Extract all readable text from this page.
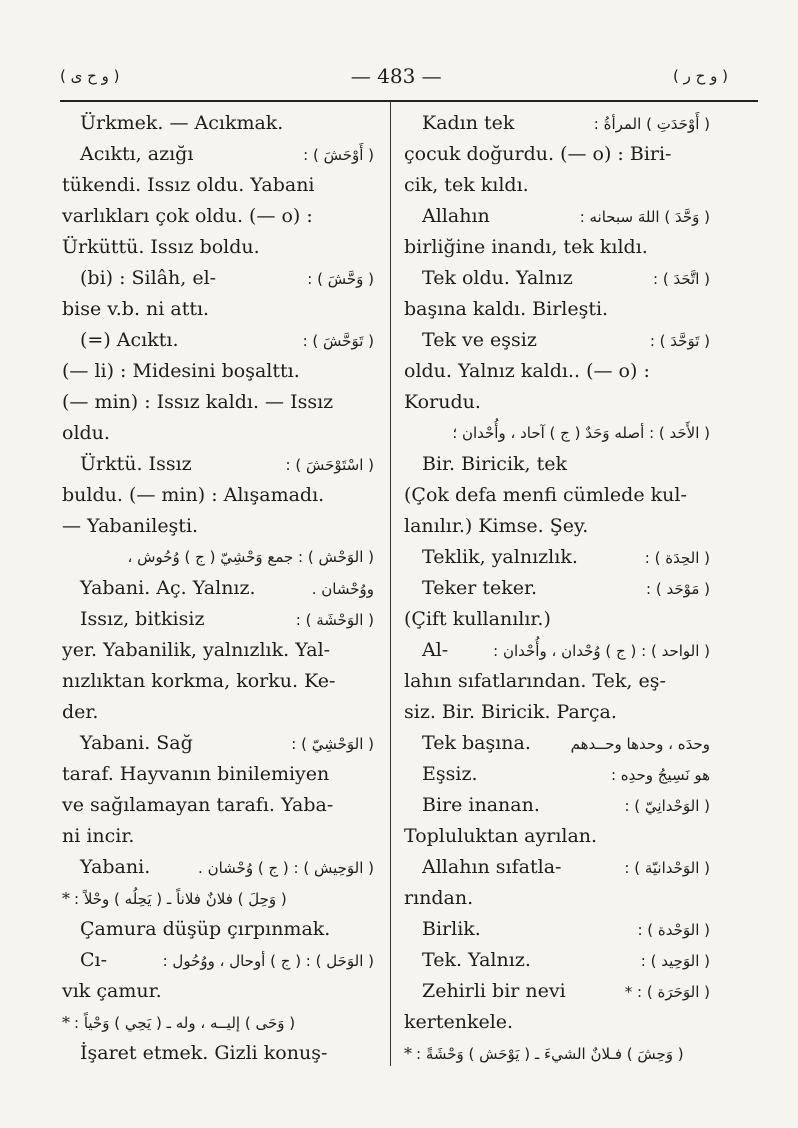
( و ح ى )	— 483 —	( و ح ر )
Ürkmek. — Acıkmak.
Acıktı, azığı	( أَوْحَشَ ) :
tükendi. Issız oldu. Yabani
varlıkları çok oldu. (— o) :
Ürküttü. Issız boldu.
(bi) : Silâh, el-	( وَحَّشَ ) :
bise v.b. ni attı.
(=) Acıktı.	( تَوَحَّشَ ) :
(— li) : Midesini boşalttı.
(— min) : Issız kaldı. — Issız
oldu.
Ürktü. Issız	( اسْتَوْحَشَ ) :
buldu. (— min) : Alışamadı.
— Yabanileşti.
( الوَحْش ) : جمع وَحْشِيّ ( ج ) وُحُوش ،
Yabani. Aç. Yalnız.	ووُحْشان .
Issız, bitkisiz	( الوَحْشَة ) :
yer. Yabanilik, yalnızlık. Yal-
nızlıktan korkma, korku. Ke-
der.
Yabani. Sağ	( الوَحْشِيّ ) :
taraf. Hayvanın binilemiyen
ve sağılamayan tarafı. Yaba-
ni incir.
Yabani.	( الوَحِيش ) : ( ج ) وُحْشان .
* ( وَحِلَ ) فلانٌ فلاناً ـ ( يَحِلُه ) وحْلاً :
Çamura düşüp çırpınmak.
Cı-	( الوَحَل ) : ( ج ) أوحال ، ووُحُول :
vık çamur.
* ( وَحَى ) إليــه ، وله ـ ( يَحِي ) وَحْياً :
İşaret etmek. Gizli konuş-
Kadın tek	( أَوْحَدَتِ ) المرأةُ :
çocuk doğurdu. (— o) : Biri-
cik, tek kıldı.
Allahın	( وَحَّدَ ) اللهَ سبحانه :
birliğine inandı, tek kıldı.
Tek oldu. Yalnız	( اتَّحَدَ ) :
başına kaldı. Birleşti.
Tek ve eşsiz	( تَوَحَّدَ ) :
oldu. Yalnız kaldı.. (— o) :
Korudu.
( الأَحَد ) : أصله وَحَدٌ ( ج ) آحاد ، وأُحْدان ؛
Bir. Biricik, tek
(Çok defa menfi cümlede kul-
lanılır.) Kimse. Şey.
Teklik, yalnızlık.	( الحِدَة ) :
Teker teker.	( مَوْحَد ) :
(Çift kullanılır.)
Al-	( الواحد ) : ( ج ) وُحْدان ، وأُحْدان :
lahın sıfatlarından. Tek, eş-
siz. Bir. Biricik. Parça.
Tek başına.	وحدَه ، وحدها وحــدهم
Eşsiz.	هو نَسِيجُ وحدِه :
Bire inanan.	( الوَحْدانِيّ ) :
Topluluktan ayrılan.
Allahın sıfatla-	( الوَحْدانيّة ) :
rından.
Birlik.	( الوَحْدة ) :
Tek. Yalnız.	( الوَحِيد ) :
Zehirli bir nevi	( الوَحَرَة ) : *
kertenkele.
* ( وَحِشَ ) فـلانٌ الشيءَ ـ ( يَوْحَش ) وَحْشَةً :
